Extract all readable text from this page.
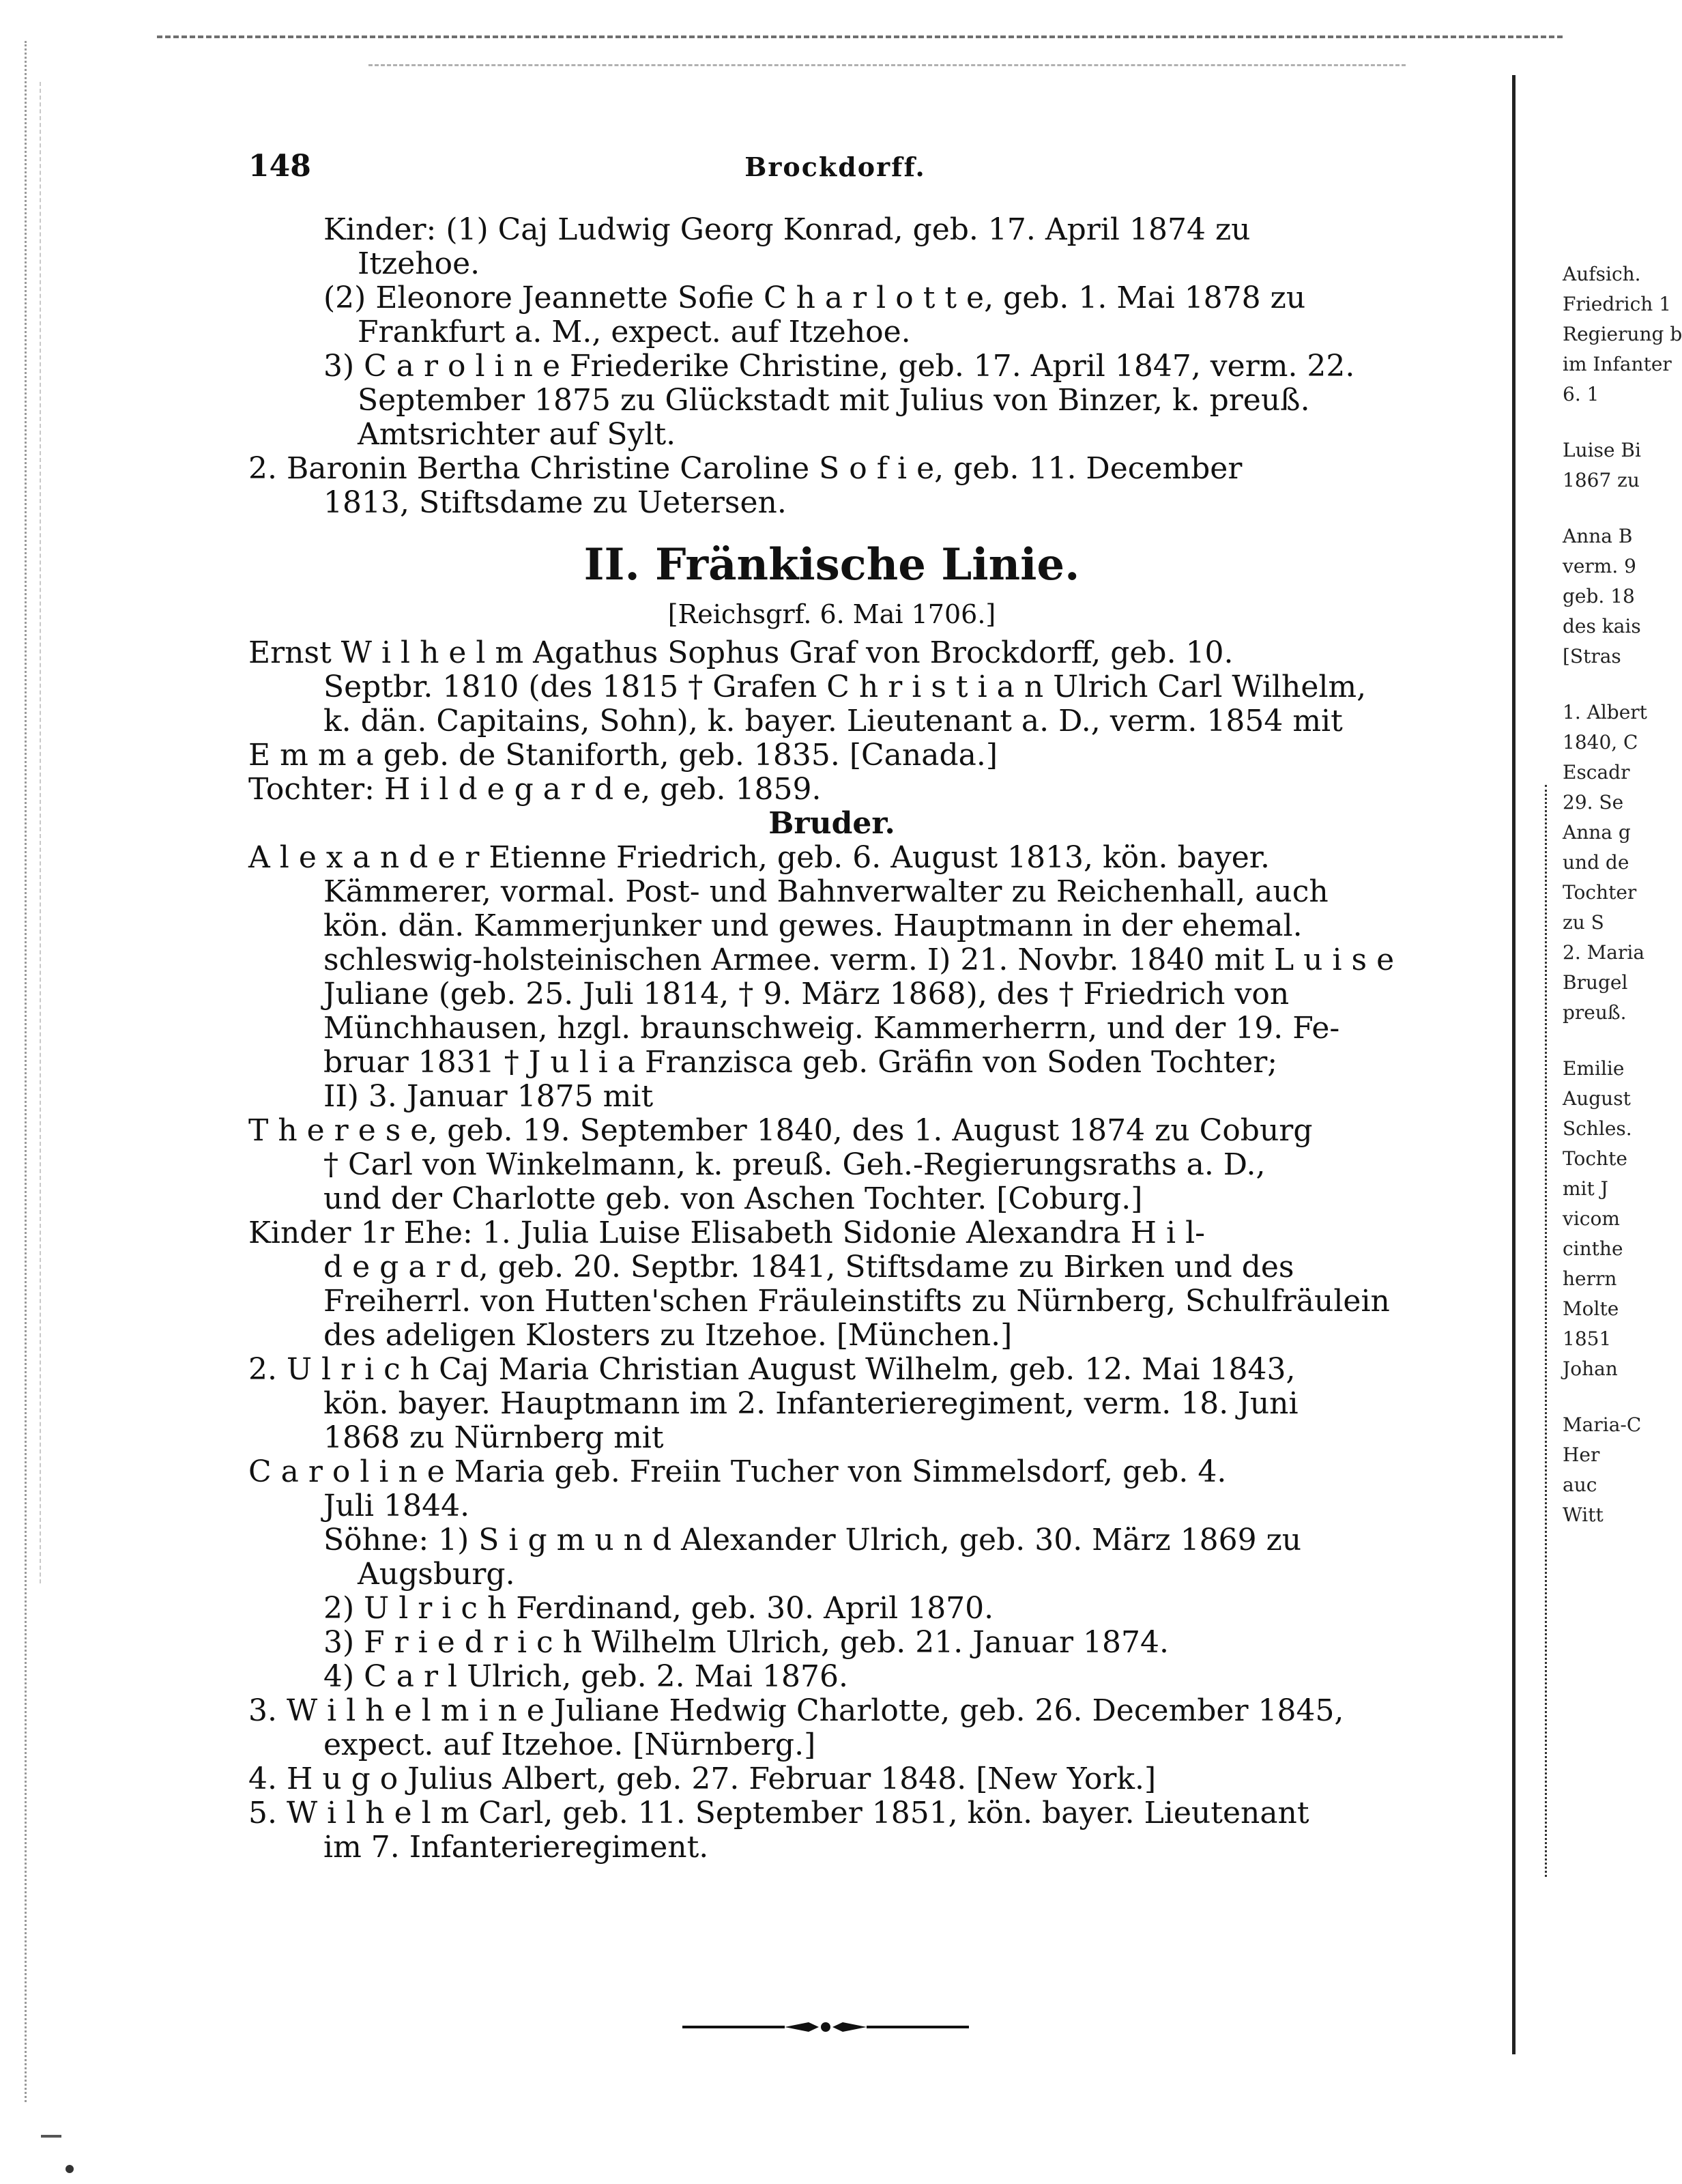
Aufsich.
Friedrich 1
Regierung b
im Infanter
6. 1
Luise Bi
1867 zu
Anna B
verm. 9
geb. 18
des kais
[Stras
1. Albert
1840, C
Escadr
29. Se
Anna g
und de
Tochter
zu S
2. Maria
Brugel
preuß.
Emilie
August
Schles.
Tochte
mit J
vicom
cinthe
herrn
Molte
1851
Johan
Maria-C
Her
auc
Witt
148	Brockdorff.
Kinder: (1) Caj Ludwig Georg Konrad, geb. 17. April 1874 zu
Itzehoe.
(2) Eleonore Jeannette Sofie C h a r l o t t e, geb. 1. Mai 1878 zu
Frankfurt a. M., expect. auf Itzehoe.
3) C a r o l i n e Friederike Christine, geb. 17. April 1847, verm. 22.
September 1875 zu Glückstadt mit Julius von Binzer, k. preuß.
Amtsrichter auf Sylt.
2. Baronin Bertha Christine Caroline S o f i e, geb. 11. December
1813, Stiftsdame zu Uetersen.
II. Fränkische Linie.
[Reichsgrf. 6. Mai 1706.]
Ernst W i l h e l m Agathus Sophus Graf von Brockdorff, geb. 10.
Septbr. 1810 (des 1815 † Grafen C h r i s t i a n Ulrich Carl Wilhelm,
k. dän. Capitains, Sohn), k. bayer. Lieutenant a. D., verm. 1854 mit
E m m a geb. de Staniforth, geb. 1835. [Canada.]
Tochter: H i l d e g a r d e, geb. 1859.
Bruder.
A l e x a n d e r Etienne Friedrich, geb. 6. August 1813, kön. bayer.
Kämmerer, vormal. Post- und Bahnverwalter zu Reichenhall, auch
kön. dän. Kammerjunker und gewes. Hauptmann in der ehemal.
schleswig-holsteinischen Armee. verm. I) 21. Novbr. 1840 mit L u i s e
Juliane (geb. 25. Juli 1814, † 9. März 1868), des † Friedrich von
Münchhausen, hzgl. braunschweig. Kammerherrn, und der 19. Fe-
bruar 1831 † J u l i a Franzisca geb. Gräfin von Soden Tochter;
II) 3. Januar 1875 mit
T h e r e s e, geb. 19. September 1840, des 1. August 1874 zu Coburg
† Carl von Winkelmann, k. preuß. Geh.-Regierungsraths a. D.,
und der Charlotte geb. von Aschen Tochter. [Coburg.]
Kinder 1r Ehe: 1. Julia Luise Elisabeth Sidonie Alexandra H i l-
d e g a r d, geb. 20. Septbr. 1841, Stiftsdame zu Birken und des
Freiherrl. von Hutten'schen Fräuleinstifts zu Nürnberg, Schulfräulein
des adeligen Klosters zu Itzehoe. [München.]
2. U l r i c h Caj Maria Christian August Wilhelm, geb. 12. Mai 1843,
kön. bayer. Hauptmann im 2. Infanterieregiment, verm. 18. Juni
1868 zu Nürnberg mit
C a r o l i n e Maria geb. Freiin Tucher von Simmelsdorf, geb. 4.
Juli 1844.
Söhne: 1) S i g m u n d Alexander Ulrich, geb. 30. März 1869 zu
Augsburg.
2) U l r i c h Ferdinand, geb. 30. April 1870.
3) F r i e d r i c h Wilhelm Ulrich, geb. 21. Januar 1874.
4) C a r l Ulrich, geb. 2. Mai 1876.
3. W i l h e l m i n e Juliane Hedwig Charlotte, geb. 26. December 1845,
expect. auf Itzehoe. [Nürnberg.]
4. H u g o Julius Albert, geb. 27. Februar 1848. [New York.]
5. W i l h e l m Carl, geb. 11. September 1851, kön. bayer. Lieutenant
im 7. Infanterieregiment.
